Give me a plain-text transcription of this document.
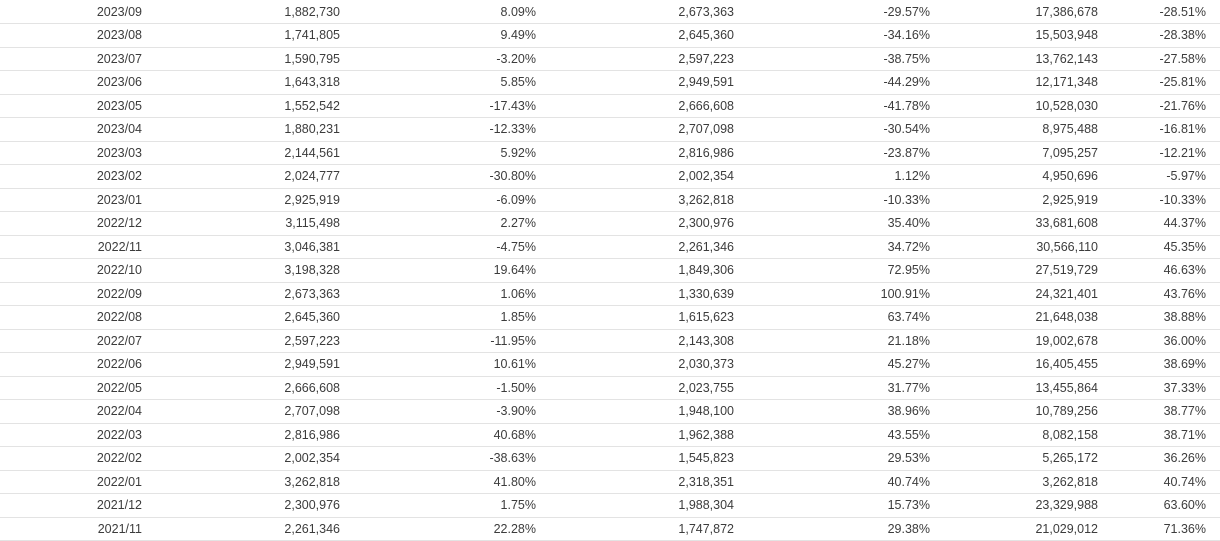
2023/09	1,882,730	8.09%	2,673,363	-29.57%	17,386,678	-28.51%
2023/08	1,741,805	9.49%	2,645,360	-34.16%	15,503,948	-28.38%
2023/07	1,590,795	-3.20%	2,597,223	-38.75%	13,762,143	-27.58%
2023/06	1,643,318	5.85%	2,949,591	-44.29%	12,171,348	-25.81%
2023/05	1,552,542	-17.43%	2,666,608	-41.78%	10,528,030	-21.76%
2023/04	1,880,231	-12.33%	2,707,098	-30.54%	8,975,488	-16.81%
2023/03	2,144,561	5.92%	2,816,986	-23.87%	7,095,257	-12.21%
2023/02	2,024,777	-30.80%	2,002,354	1.12%	4,950,696	-5.97%
2023/01	2,925,919	-6.09%	3,262,818	-10.33%	2,925,919	-10.33%
2022/12	3,115,498	2.27%	2,300,976	35.40%	33,681,608	44.37%
2022/11	3,046,381	-4.75%	2,261,346	34.72%	30,566,110	45.35%
2022/10	3,198,328	19.64%	1,849,306	72.95%	27,519,729	46.63%
2022/09	2,673,363	1.06%	1,330,639	100.91%	24,321,401	43.76%
2022/08	2,645,360	1.85%	1,615,623	63.74%	21,648,038	38.88%
2022/07	2,597,223	-11.95%	2,143,308	21.18%	19,002,678	36.00%
2022/06	2,949,591	10.61%	2,030,373	45.27%	16,405,455	38.69%
2022/05	2,666,608	-1.50%	2,023,755	31.77%	13,455,864	37.33%
2022/04	2,707,098	-3.90%	1,948,100	38.96%	10,789,256	38.77%
2022/03	2,816,986	40.68%	1,962,388	43.55%	8,082,158	38.71%
2022/02	2,002,354	-38.63%	1,545,823	29.53%	5,265,172	36.26%
2022/01	3,262,818	41.80%	2,318,351	40.74%	3,262,818	40.74%
2021/12	2,300,976	1.75%	1,988,304	15.73%	23,329,988	63.60%
2021/11	2,261,346	22.28%	1,747,872	29.38%	21,029,012	71.36%
